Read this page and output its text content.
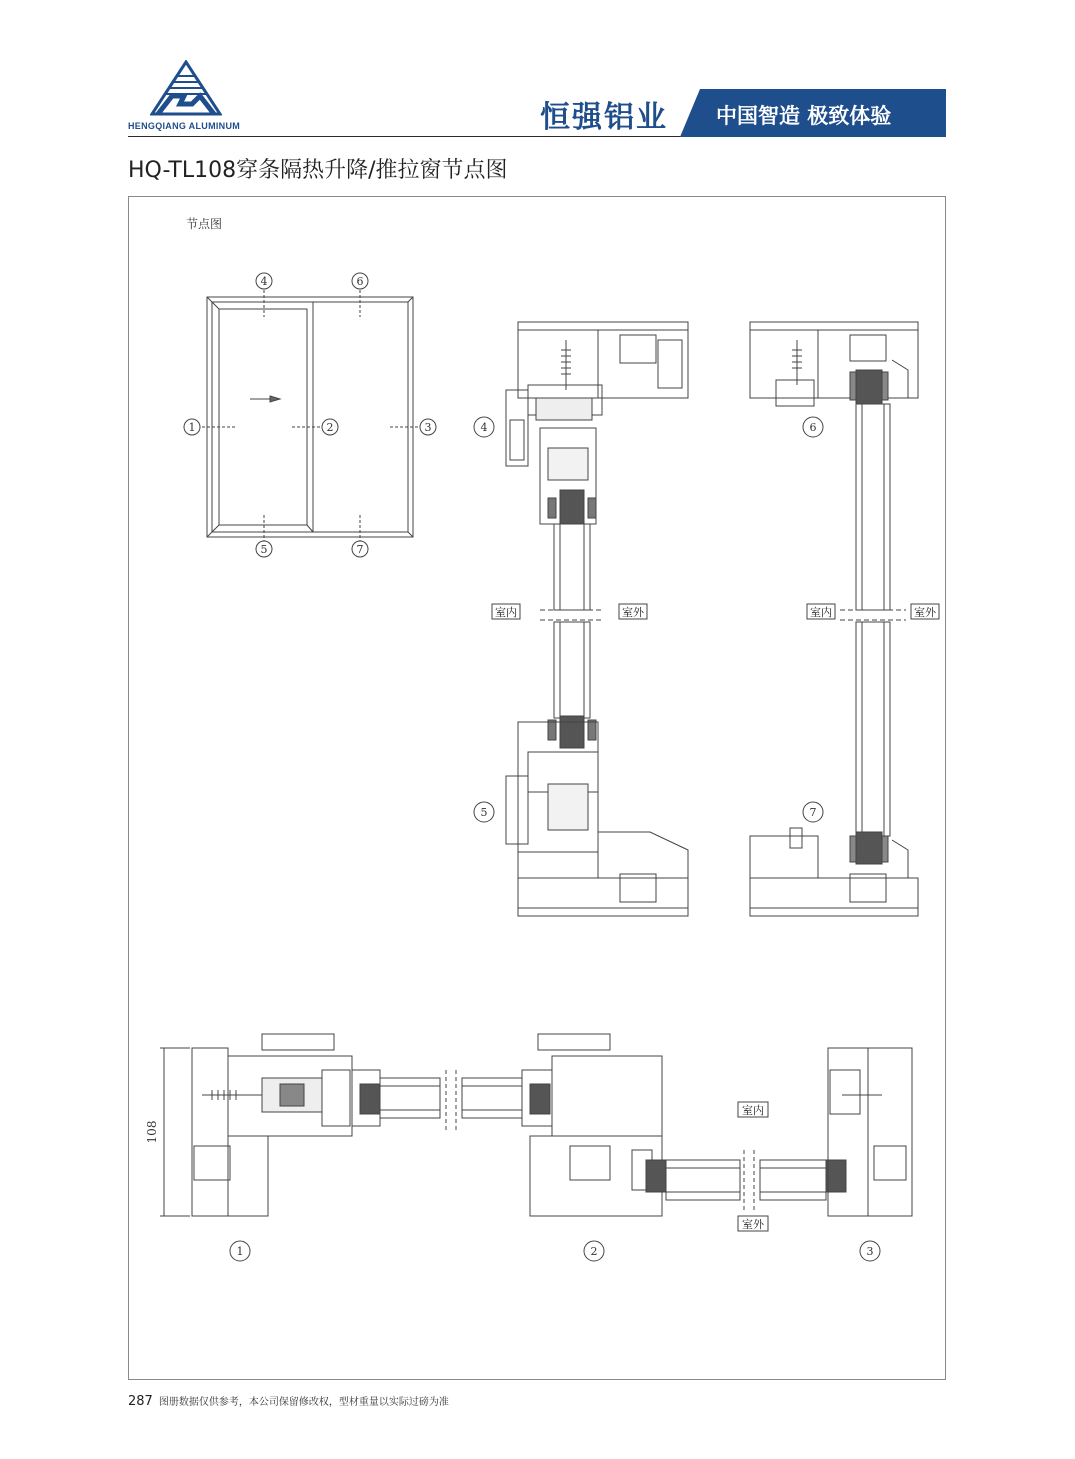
HENGQIANG ALUMINUM	恒强铝业 中国智造 极致体验
HQ-TL108穿条隔热升降/推拉窗节点图
节点图
1	2	3
4
5
6
7
4
5
室内	室外
6
7
室内	室外
108
室内
室外
1	2	3
287 图册数据仅供参考，本公司保留修改权，型材重量以实际过磅为准
